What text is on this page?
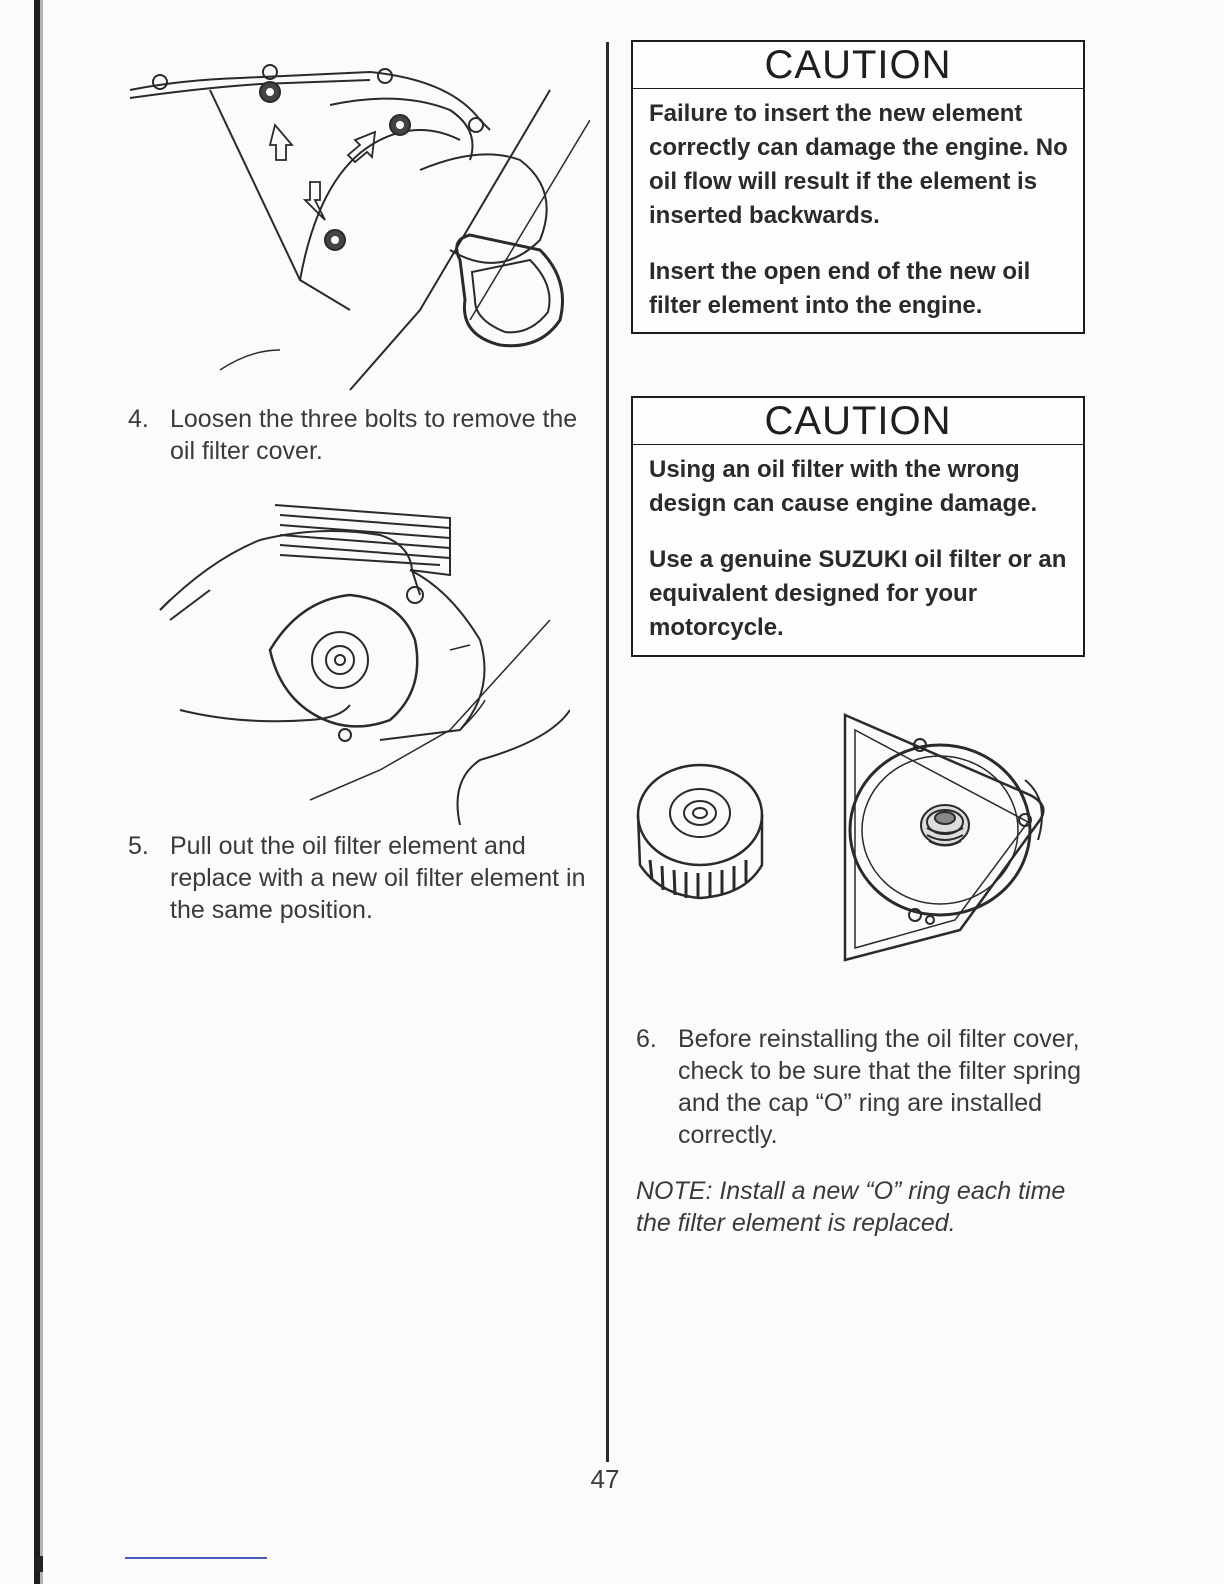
4. Loosen the three bolts to remove the oil filter cover.
5. Pull out the oil filter element and replace with a new oil filter element in the same position.
CAUTION

Failure to insert the new element correctly can damage the engine. No oil flow will result if the element is inserted backwards.

Insert the open end of the new oil filter element into the engine.

CAUTION

Using an oil filter with the wrong design can cause engine damage.

Use a genuine SUZUKI oil filter or an equivalent designed for your motorcycle.

6. Before reinstalling the oil filter cover, check to be sure that the filter spring and the cap “O” ring are installed correctly.
NOTE: Install a new “O” ring each time the filter element is replaced.
47
